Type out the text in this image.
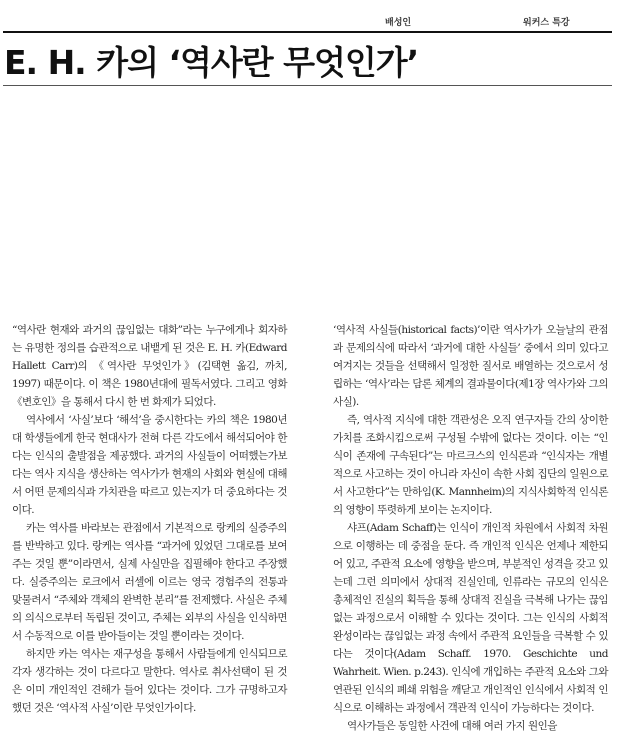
배성인	워커스 특강
E. H. 카의 ‘역사란 무엇인가’

“역사란 현재와 과거의 끊임없는 대화”라는 누구에게나 회자하는 유명한 정의를 습관적으로 내뱉게 된 것은 E. H. 카(Edward Hallett Carr)의 《역사란 무엇인가》(김택현 옮김, 까치, 1997) 때문이다. 이 책은 1980년대에 필독서였다. 그리고 영화 《변호인》을 통해서 다시 한 번 화제가 되었다.

역사에서 ‘사실’보다 ‘해석’을 중시한다는 카의 책은 1980년대 학생들에게 한국 현대사가 전혀 다른 각도에서 해석되어야 한다는 인식의 출발점을 제공했다. 과거의 사실들이 어떠했는가보다는 역사 지식을 생산하는 역사가가 현재의 사회와 현실에 대해서 어떤 문제의식과 가치관을 따르고 있는지가 더 중요하다는 것이다.

카는 역사를 바라보는 관점에서 기본적으로 랑케의 실증주의를 반박하고 있다. 랑케는 역사를 “과거에 있었던 그대로를 보여 주는 것일 뿐”이라면서, 실제 사실만을 집필해야 한다고 주장했다. 실증주의는 로크에서 러셀에 이르는 영국 경험주의 전통과 맞물려서 “주체와 객체의 완벽한 분리”를 전제했다. 사실은 주체의 의식으로부터 독립된 것이고, 주체는 외부의 사실을 인식하면서 수동적으로 이를 받아들이는 것일 뿐이라는 것이다.

하지만 카는 역사는 재구성을 통해서 사람들에게 인식되므로 각자 생각하는 것이 다르다고 말한다. 역사로 취사선택이 된 것은 이미 개인적인 견해가 들어 있다는 것이다. 그가 규명하고자 했던 것은 ‘역사적 사실’이란 무엇인가이다.

‘역사적 사실들(historical facts)’이란 역사가가 오늘날의 관점과 문제의식에 따라서 ‘과거에 대한 사실들’ 중에서 의미 있다고 여겨지는 것들을 선택해서 일정한 질서로 배열하는 것으로서 성립하는 ‘역사’라는 담론 체계의 결과물이다(제1장 역사가와 그의 사실).

즉, 역사적 지식에 대한 객관성은 오직 연구자들 간의 상이한 가치를 조화시킴으로써 구성될 수밖에 없다는 것이다. 이는 “인식이 존재에 구속된다”는 마르크스의 인식론과 “인식자는 개별적으로 사고하는 것이 아니라 자신이 속한 사회 집단의 일원으로서 사고한다”는 만하임(K. Mannheim)의 지식사회학적 인식론의 영향이 뚜렷하게 보이는 논지이다.

샤프(Adam Schaff)는 인식이 개인적 차원에서 사회적 차원으로 이행하는 데 중점을 둔다. 즉 개인적 인식은 언제나 제한되어 있고, 주관적 요소에 영향을 받으며, 부분적인 성격을 갖고 있는데 그런 의미에서 상대적 진실인데, 인류라는 규모의 인식은 총체적인 진실의 획득을 통해 상대적 진실을 극복해 나가는 끊임없는 과정으로서 이해할 수 있다는 것이다. 그는 인식의 사회적 완성이라는 끊임없는 과정 속에서 주관적 요인들을 극복할 수 있다는 것이다(Adam Schaff. 1970. Geschichte und Wahrheit. Wien. p.243). 인식에 개입하는 주관적 요소와 그와 연관된 인식의 폐쇄 위험을 깨닫고 개인적인 인식에서 사회적 인식으로 이해하는 과정에서 객관적 인식이 가능하다는 것이다.

역사가들은 동일한 사건에 대해 여러 가지 원인을
